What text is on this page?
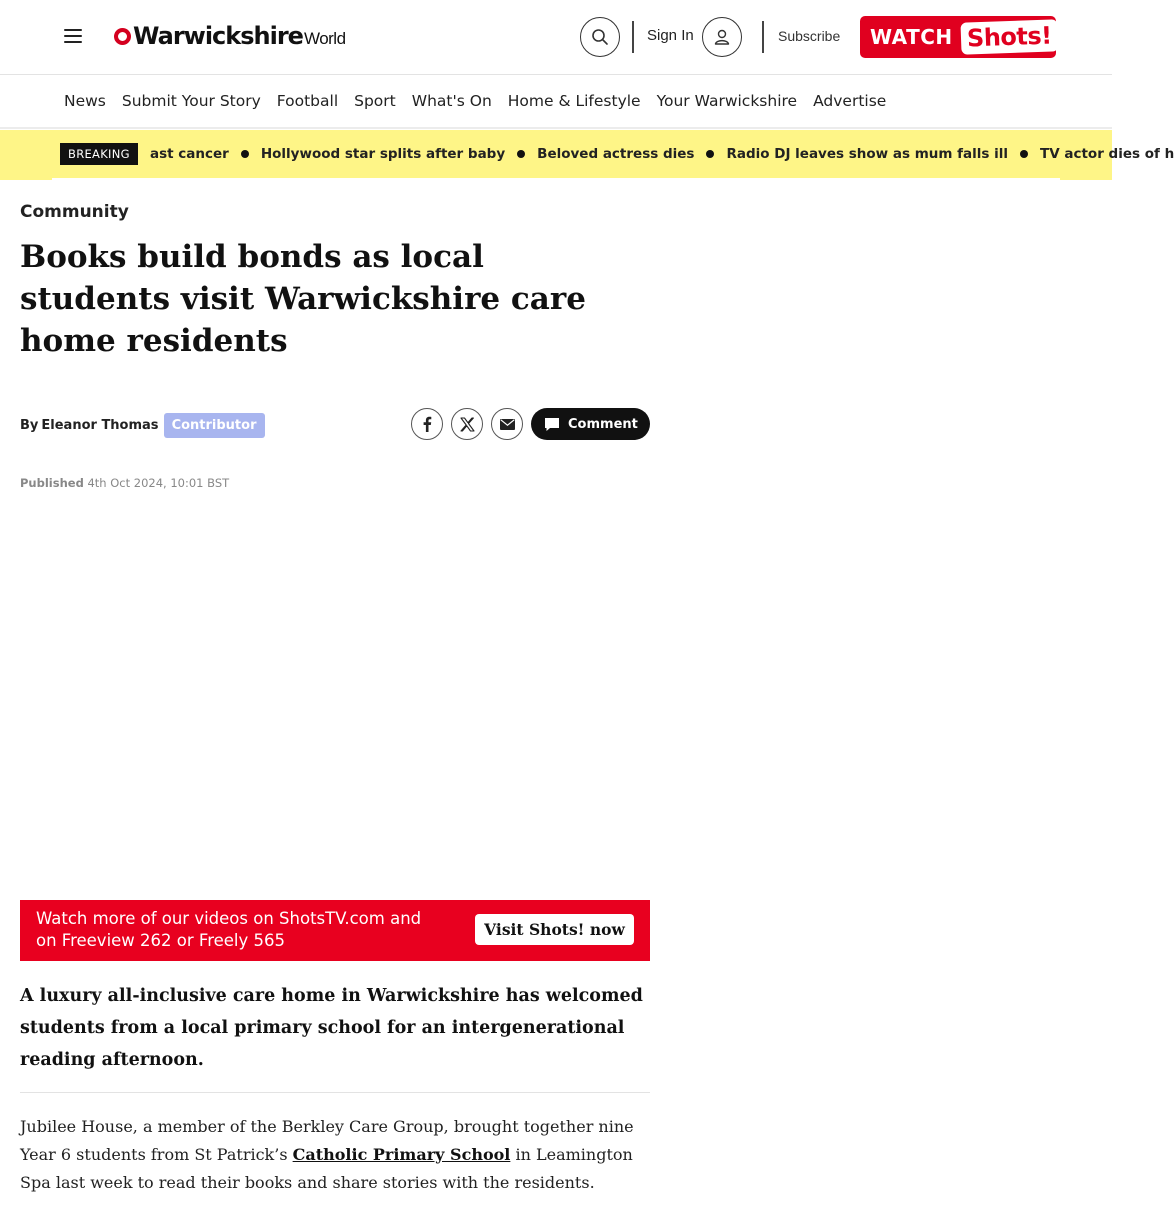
Warwickshire World	Sign In	Subscribe WATCH Shots!
News Submit Your Story Football Sport What's On Home & Lifestyle Your Warwickshire Advertise
BREAKING	ast cancer Hollywood star splits after baby Beloved actress dies Radio DJ leaves show as mum falls ill TV actor dies of h
Community
Books build bonds as local students visit Warwickshire care home residents
By Eleanor Thomas	Contributor	Comment
Published 4th Oct 2024, 10:01 BST
Watch more of our videos on ShotsTV.com and on Freeview 262 or Freely 565
Visit Shots! now

A luxury all-inclusive care home in Warwickshire has welcomed students from a local primary school for an intergenerational reading afternoon.

Jubilee House, a member of the Berkley Care Group, brought together nine Year 6 students from St Patrick’s Catholic Primary School in Leamington Spa last week to read their books and share stories with the residents.
